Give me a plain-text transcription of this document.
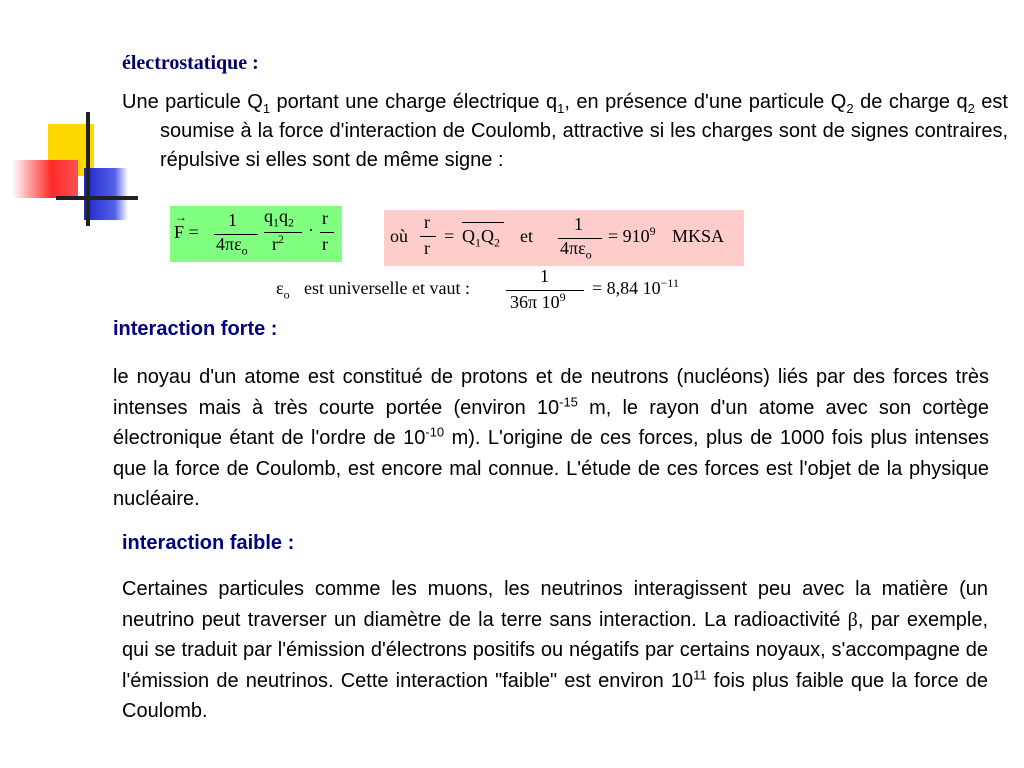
électrostatique :
Une particule $Q_1$ portant une charge électrique $q_1$, en présence d'une particule $Q_2$ de charge $q_2$ est soumise à la force d'interaction de Coulomb, attractive si les charges sont de signes contraires, répulsive si elles sont de même signe :
→
F =
1
$4\pi\varepsilon_o$
$q_1q_2$
$r^2$ ·
r
r	où
r
r
= $Q_1Q_2$ et
1
$4\pi\varepsilon_o$
= $910^9$ MKSA
$\varepsilon_o$ est universelle et vaut :
1
36π $10^9 = 8,84$ $10^{-11}$
interaction forte :
le noyau d'un atome est constitué de protons et de neutrons (nucléons) liés par des forces très intenses mais à très courte portée (environ $10^{-15}$ m, le rayon d'un atome avec son cortège électronique étant de l'ordre de $10^{-10}$ m). L'origine de ces forces, plus de 1000 fois plus intenses que la force de Coulomb, est encore mal connue. L'étude de ces forces est l'objet de la physique nucléaire.
interaction faible :
Certaines particules comme les muons, les neutrinos interagissent peu avec la matière (un neutrino peut traverser un diamètre de la terre sans interaction. La radioactivité β, par exemple, qui se traduit par l'émission d'électrons positifs ou négatifs par certains noyaux, s'accompagne de l'émission de neutrinos. Cette interaction "faible" est environ $10^{11}$ fois plus faible que la force de Coulomb.
